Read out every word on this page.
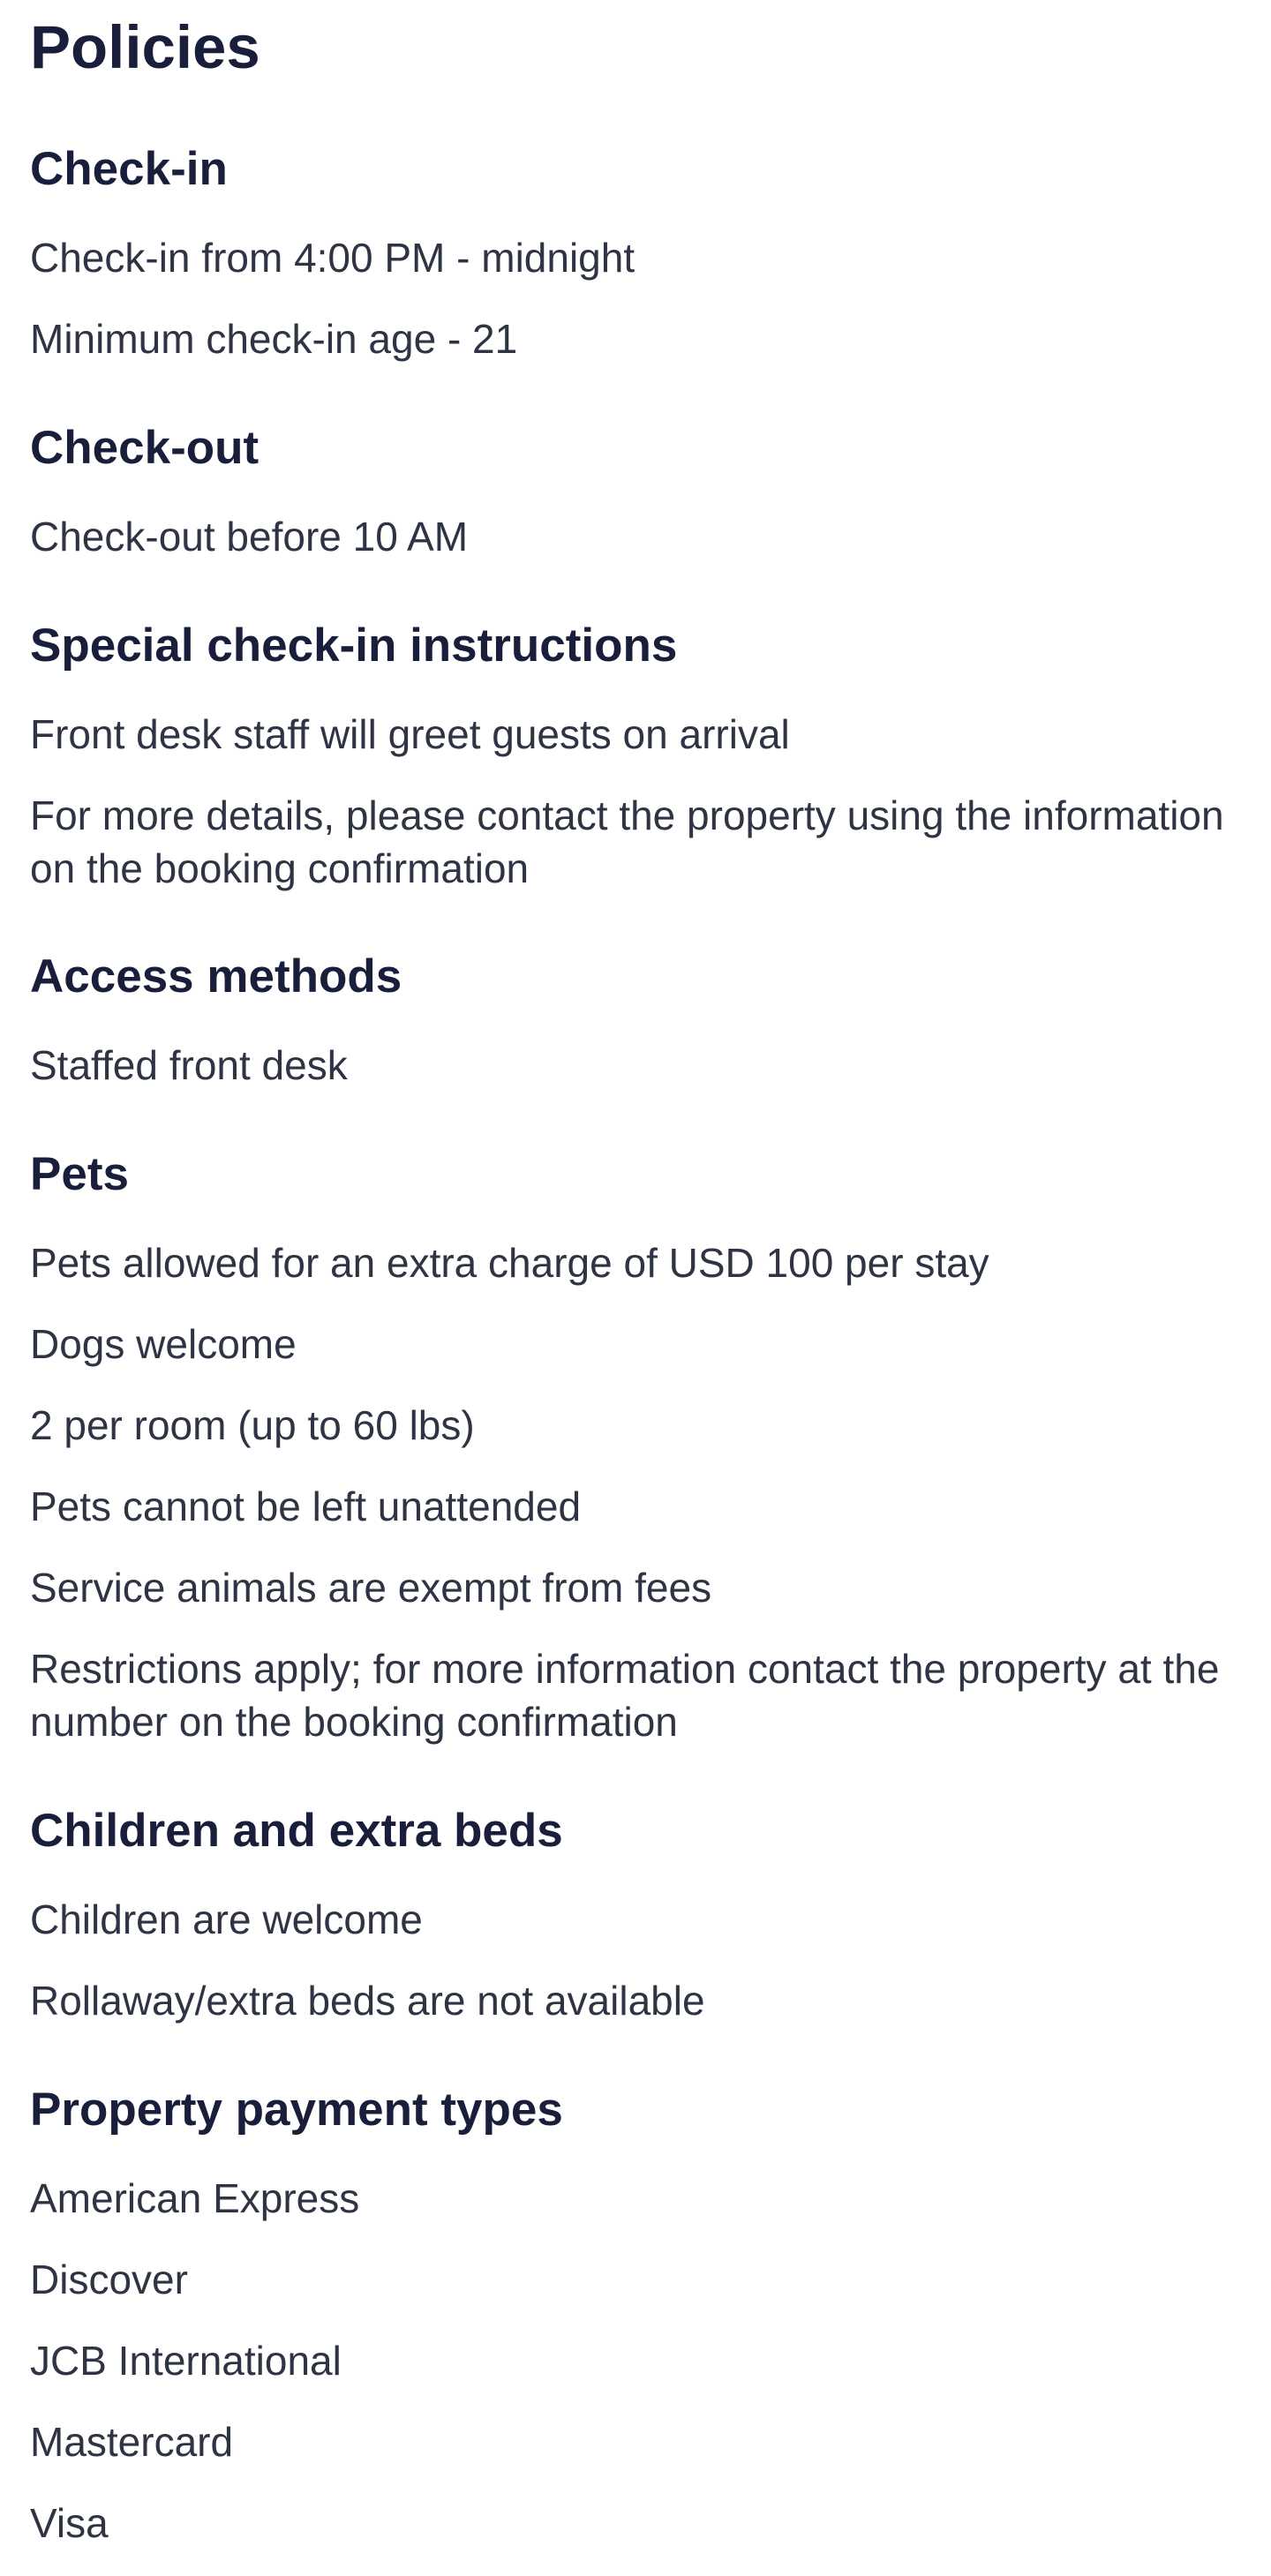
Policies
Check-in

Check-in from 4:00 PM - midnight

Minimum check-in age - 21

Check-out

Check-out before 10 AM

Special check-in instructions

Front desk staff will greet guests on arrival

For more details, please contact the property using the information on the booking confirmation

Access methods

Staffed front desk

Pets

Pets allowed for an extra charge of USD 100 per stay

Dogs welcome

2 per room (up to 60 lbs)

Pets cannot be left unattended

Service animals are exempt from fees

Restrictions apply; for more information contact the property at the number on the booking confirmation

Children and extra beds

Children are welcome

Rollaway/extra beds are not available

Property payment types

American Express

Discover

JCB International

Mastercard

Visa
